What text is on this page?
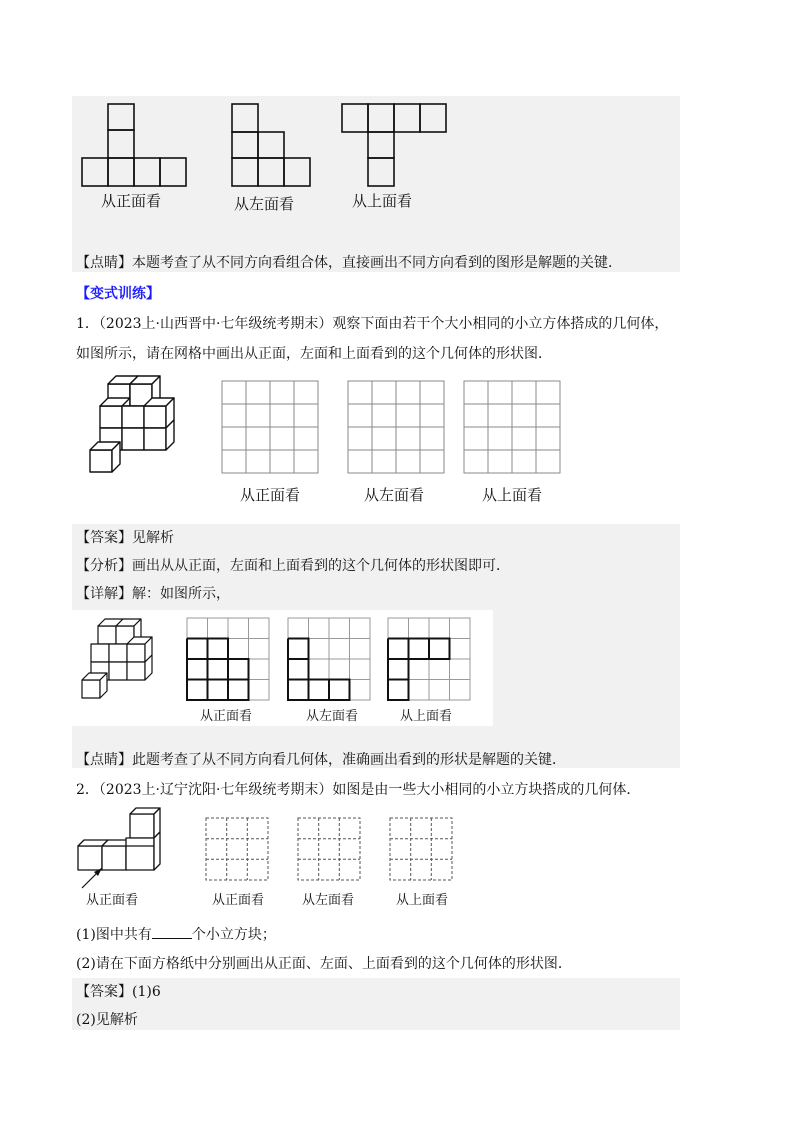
从正面看	从左面看	从上面看
【点睛】本题考查了从不同方向看组合体，直接画出不同方向看到的图形是解题的关键．
【变式训练】
1．（2023上·山西晋中·七年级统考期末）观察下面由若干个大小相同的小立方体搭成的几何体，
如图所示，请在网格中画出从正面，左面和上面看到的这个几何体的形状图．
从正面看	从左面看	从上面看
【答案】见解析
【分析】画出从从正面，左面和上面看到的这个几何体的形状图即可．
【详解】解：如图所示，
从正面看	从左面看	从上面看
【点睛】此题考查了从不同方向看几何体，准确画出看到的形状是解题的关键．
2．（2023上·辽宁沈阳·七年级统考期末）如图是由一些大小相同的小立方块搭成的几何体．
从正面看	从正面看	从左面看	从上面看
(1)图中共有	个小立方块；
(2)请在下面方格纸中分别画出从正面、左面、上面看到的这个几何体的形状图．
【答案】(1)6
(2)见解析
